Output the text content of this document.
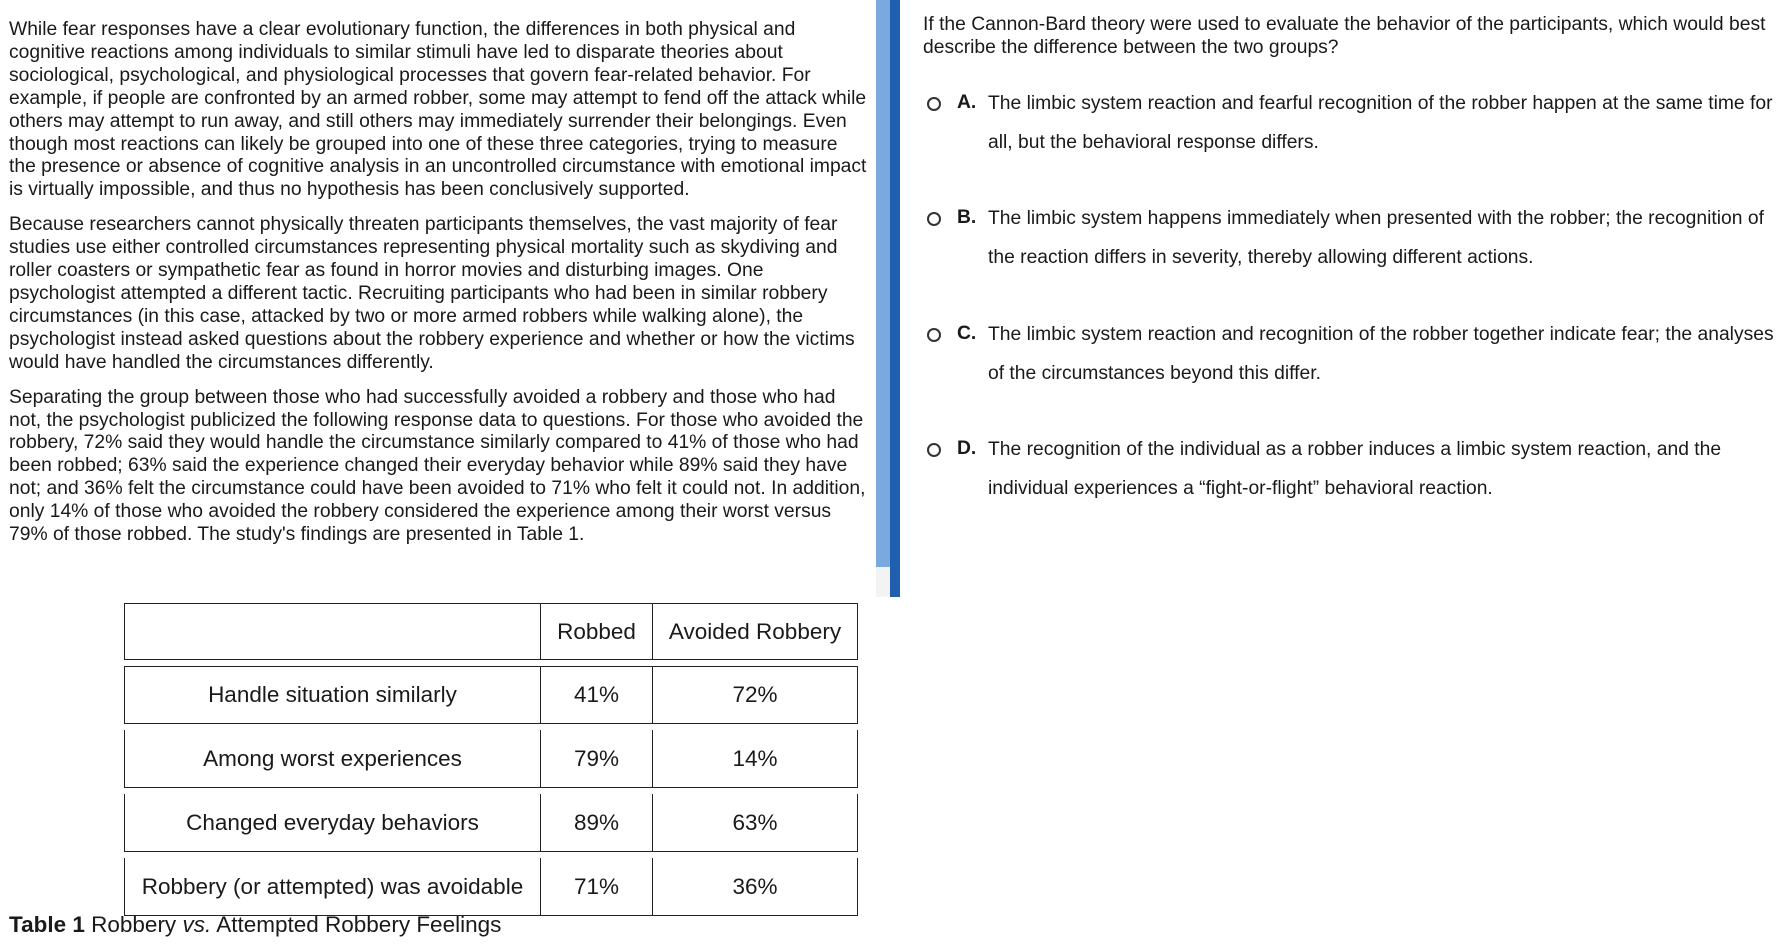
While fear responses have a clear evolutionary function, the differences in both physical and cognitive reactions among individuals to similar stimuli have led to disparate theories about sociological, psychological, and physiological processes that govern fear-related behavior. For example, if people are confronted by an armed robber, some may attempt to fend off the attack while others may attempt to run away, and still others may immediately surrender their belongings. Even though most reactions can likely be grouped into one of these three categories, trying to measure the presence or absence of cognitive analysis in an uncontrolled circumstance with emotional impact is virtually impossible, and thus no hypothesis has been conclusively supported.

Because researchers cannot physically threaten participants themselves, the vast majority of fear studies use either controlled circumstances representing physical mortality such as skydiving and roller coasters or sympathetic fear as found in horror movies and disturbing images. One psychologist attempted a different tactic. Recruiting participants who had been in similar robbery circumstances (in this case, attacked by two or more armed robbers while walking alone), the psychologist instead asked questions about the robbery experience and whether or how the victims would have handled the circumstances differently.

Separating the group between those who had successfully avoided a robbery and those who had not, the psychologist publicized the following response data to questions. For those who avoided the robbery, 72% said they would handle the circumstance similarly compared to 41% of those who had been robbed; 63% said the experience changed their everyday behavior while 89% said they have not; and 36% felt the circumstance could have been avoided to 71% who felt it could not. In addition, only 14% of those who avoided the robbery considered the experience among their worst versus 79% of those robbed. The study's findings are presented in Table 1.

	Robbed	Avoided Robbery
Handle situation similarly	41%	72%
Among worst experiences	79%	14%
Changed everyday behaviors	89%	63%
Robbery (or attempted) was avoidable	71%	36%
Table 1 Robbery vs. Attempted Robbery Feelings
If the Cannon-Bard theory were used to evaluate the behavior of the participants, which would best describe the difference between the two groups?
A. The limbic system reaction and fearful recognition of the robber happen at the same time for all, but the behavioral response differs.
B. The limbic system happens immediately when presented with the robber; the recognition of the reaction differs in severity, thereby allowing different actions.
C. The limbic system reaction and recognition of the robber together indicate fear; the analyses of the circumstances beyond this differ.
D. The recognition of the individual as a robber induces a limbic system reaction, and the individual experiences a “fight-or-flight” behavioral reaction.
